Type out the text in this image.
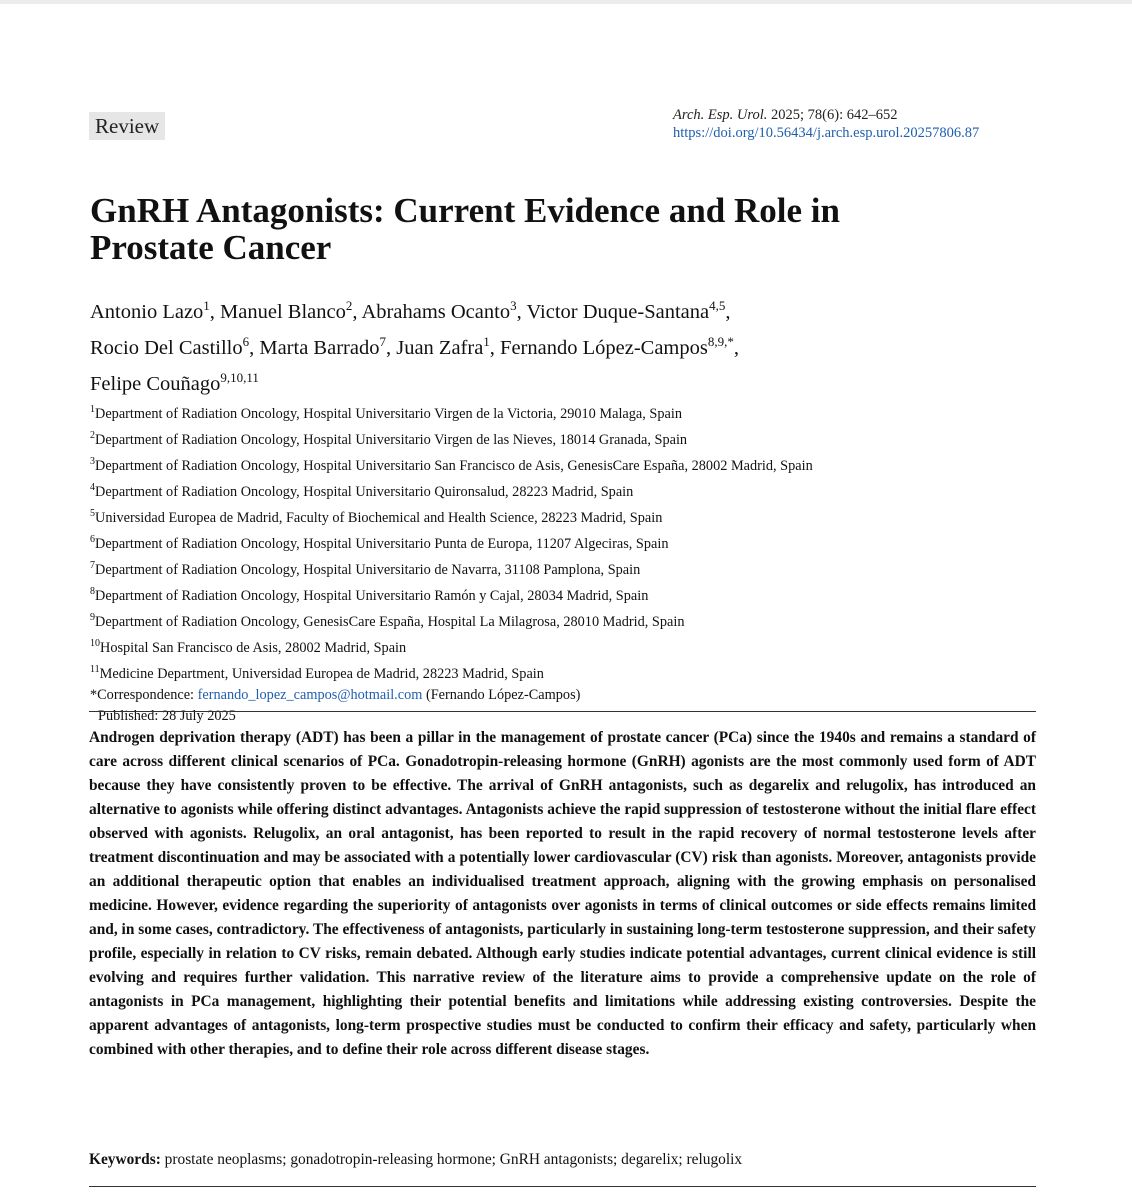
Review	Arch. Esp. Urol. 2025; 78(6): 642–652
https://doi.org/10.56434/j.arch.esp.urol.20257806.87
GnRH Antagonists: Current Evidence and Role in
Prostate Cancer
Antonio Lazo$^1$, Manuel Blanco$^2$, Abrahams Ocanto$^3$, Victor Duque-Santana$^{4,5}$,
Rocio Del Castillo$^6$, Marta Barrado$^7$, Juan Zafra$^1$, Fernando López-Campos$^{8,9,*}$,
Felipe Couñago$^{9,10,11}$
$^1$Department of Radiation Oncology, Hospital Universitario Virgen de la Victoria, 29010 Malaga, Spain
$^2$Department of Radiation Oncology, Hospital Universitario Virgen de las Nieves, 18014 Granada, Spain
$^3$Department of Radiation Oncology, Hospital Universitario San Francisco de Asis, GenesisCare España, 28002 Madrid, Spain
$^4$Department of Radiation Oncology, Hospital Universitario Quironsalud, 28223 Madrid, Spain
$^5$Universidad Europea de Madrid, Faculty of Biochemical and Health Science, 28223 Madrid, Spain
$^6$Department of Radiation Oncology, Hospital Universitario Punta de Europa, 11207 Algeciras, Spain
$^7$Department of Radiation Oncology, Hospital Universitario de Navarra, 31108 Pamplona, Spain
$^8$Department of Radiation Oncology, Hospital Universitario Ramón y Cajal, 28034 Madrid, Spain
$^9$Department of Radiation Oncology, GenesisCare España, Hospital La Milagrosa, 28010 Madrid, Spain
$^{10}$Hospital San Francisco de Asis, 28002 Madrid, Spain
$^{11}$Medicine Department, Universidad Europea de Madrid, 28223 Madrid, Spain
*Correspondence: fernando_lopez_campos@hotmail.com (Fernando López-Campos)
Published: 28 July 2025

Androgen deprivation therapy (ADT) has been a pillar in the management of prostate cancer (PCa) since the 1940s and remains a standard of care across different clinical scenarios of PCa. Gonadotropin-releasing hormone (GnRH) agonists are the most commonly used form of ADT because they have consistently proven to be effective. The arrival of GnRH antagonists, such as degarelix and relugolix, has introduced an alternative to agonists while offering distinct advantages. Antagonists achieve the rapid suppression of testosterone without the initial flare effect observed with agonists. Relugolix, an oral antagonist, has been reported to result in the rapid recovery of normal testosterone levels after treatment discontinuation and may be associated with a potentially lower cardiovascular (CV) risk than agonists. Moreover, antagonists provide an additional therapeutic option that enables an individualised treatment approach, aligning with the growing emphasis on personalised medicine. However, evidence regarding the superiority of antagonists over agonists in terms of clinical outcomes or side effects remains limited and, in some cases, contradictory. The effectiveness of antagonists, particularly in sustaining long-term testosterone suppression, and their safety profile, especially in relation to CV risks, remain debated. Although early studies indicate potential advantages, current clinical evidence is still evolving and requires further validation. This narrative review of the literature aims to provide a comprehensive update on the role of antagonists in PCa management, highlighting their potential benefits and limitations while addressing existing controversies. Despite the apparent advantages of antagonists, long-term prospective studies must be conducted to confirm their efficacy and safety, particularly when combined with other therapies, and to define their role across different disease stages.

Keywords: prostate neoplasms; gonadotropin-releasing hormone; GnRH antagonists; degarelix; relugolix
